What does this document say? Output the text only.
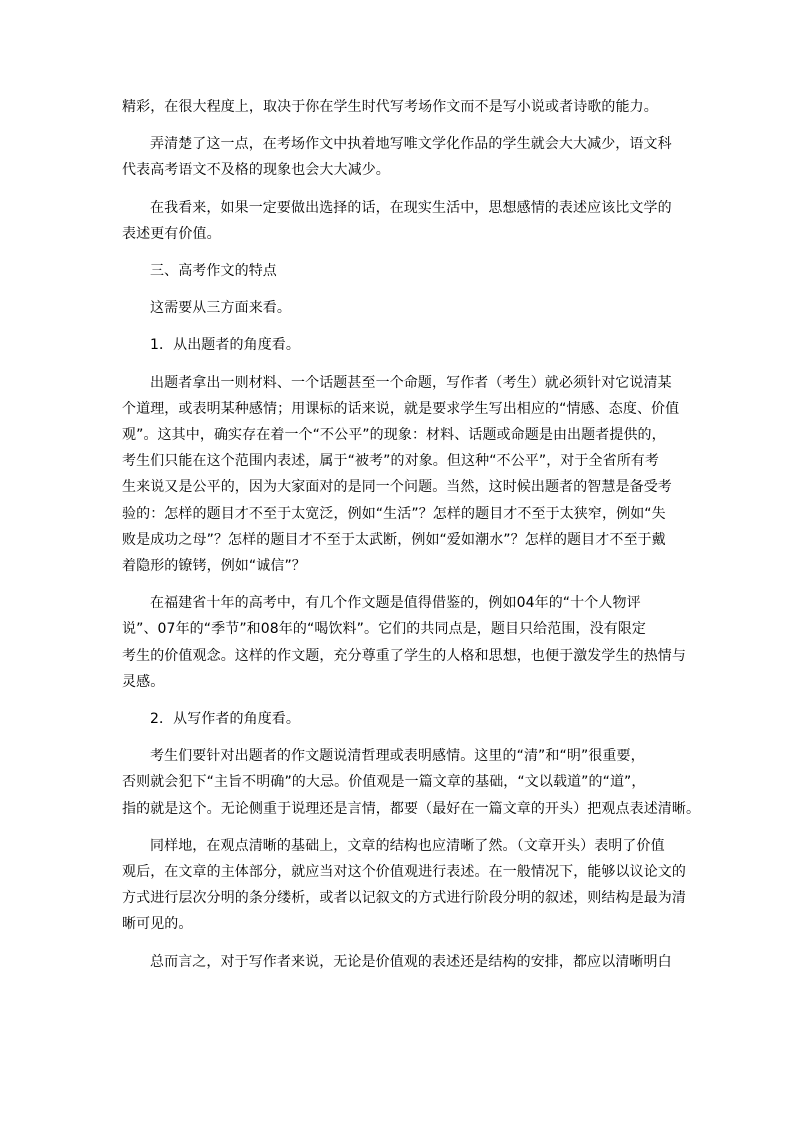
精彩，在很大程度上，取决于你在学生时代写考场作文而不是写小说或者诗歌的能力。

弄清楚了这一点，在考场作文中执着地写唯文学化作品的学生就会大大减少，语文科
代表高考语文不及格的现象也会大大减少。

在我看来，如果一定要做出选择的话，在现实生活中，思想感情的表述应该比文学的
表述更有价值。

三、高考作文的特点

这需要从三方面来看。

1．从出题者的角度看。

出题者拿出一则材料、一个话题甚至一个命题，写作者（考生）就必须针对它说清某
个道理，或表明某种感情；用课标的话来说，就是要求学生写出相应的“情感、态度、价值
观”。这其中，确实存在着一个“不公平”的现象：材料、话题或命题是由出题者提供的，
考生们只能在这个范围内表述，属于“被考”的对象。但这种“不公平”，对于全省所有考
生来说又是公平的，因为大家面对的是同一个问题。当然，这时候出题者的智慧是备受考
验的：怎样的题目才不至于太宽泛，例如“生活”？怎样的题目才不至于太狭窄，例如“失
败是成功之母”？怎样的题目才不至于太武断，例如“爱如潮水”？怎样的题目才不至于戴
着隐形的镣铐，例如“诚信”？

在福建省十年的高考中，有几个作文题是值得借鉴的，例如04年的“十个人物评
说”、07年的“季节”和08年的“喝饮料”。它们的共同点是，题目只给范围，没有限定
考生的价值观念。这样的作文题，充分尊重了学生的人格和思想，也便于激发学生的热情与
灵感。

2．从写作者的角度看。

考生们要针对出题者的作文题说清哲理或表明感情。这里的“清”和“明”很重要，
否则就会犯下“主旨不明确”的大忌。价值观是一篇文章的基础，“文以载道”的“道”，
指的就是这个。无论侧重于说理还是言情，都要（最好在一篇文章的开头）把观点表述清晰。

同样地，在观点清晰的基础上，文章的结构也应清晰了然。（文章开头）表明了价值
观后，在文章的主体部分，就应当对这个价值观进行表述。在一般情况下，能够以议论文的
方式进行层次分明的条分缕析，或者以记叙文的方式进行阶段分明的叙述，则结构是最为清
晰可见的。

总而言之，对于写作者来说，无论是价值观的表述还是结构的安排，都应以清晰明白
